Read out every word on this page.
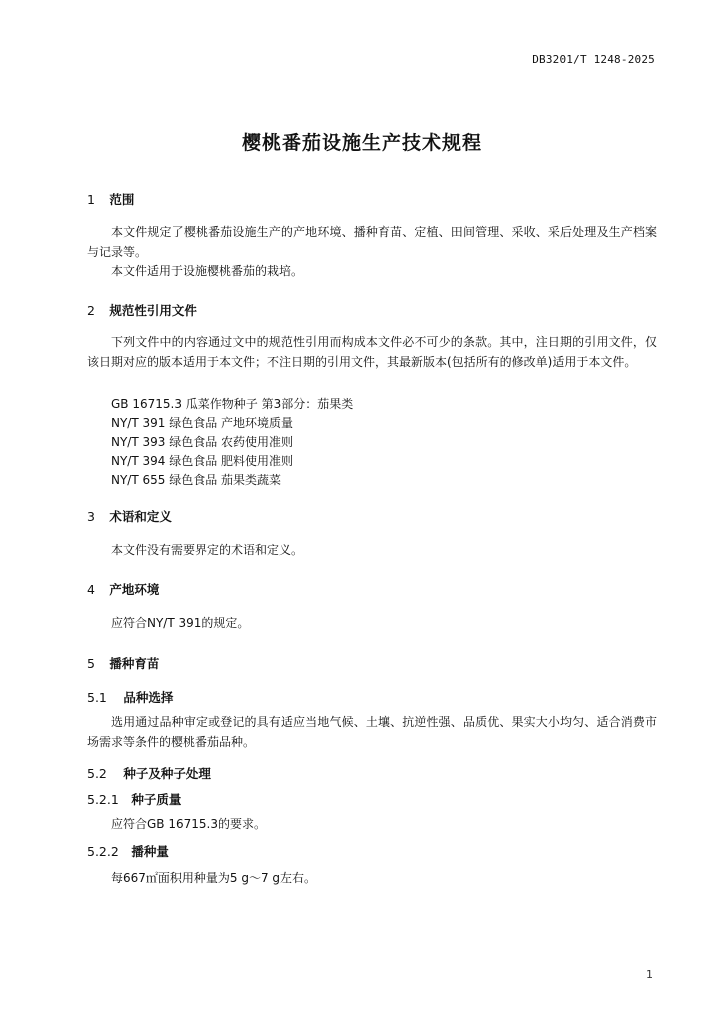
DB3201/T 1248-2025
樱桃番茄设施生产技术规程
1 范围

本文件规定了樱桃番茄设施生产的产地环境、播种育苗、定植、田间管理、采收、采后处理及生产档案与记录等。

本文件适用于设施樱桃番茄的栽培。

2 规范性引用文件

下列文件中的内容通过文中的规范性引用而构成本文件必不可少的条款。其中，注日期的引用文件，仅该日期对应的版本适用于本文件；不注日期的引用文件，其最新版本(包括所有的修改单)适用于本文件。

GB 16715.3 瓜菜作物种子 第3部分：茄果类
NY/T 391 绿色食品 产地环境质量
NY/T 393 绿色食品 农药使用准则
NY/T 394 绿色食品 肥料使用准则
NY/T 655 绿色食品 茄果类蔬菜
3 术语和定义

本文件没有需要界定的术语和定义。

4 产地环境

应符合NY/T 391的规定。

5 播种育苗
5.1 品种选择

选用通过品种审定或登记的具有适应当地气候、土壤、抗逆性强、品质优、果实大小均匀、适合消费市场需求等条件的樱桃番茄品种。

5.2 种子及种子处理
5.2.1 种子质量

应符合GB 16715.3的要求。

5.2.2 播种量

每667㎡面积用种量为5 g～7 g左右。

1
